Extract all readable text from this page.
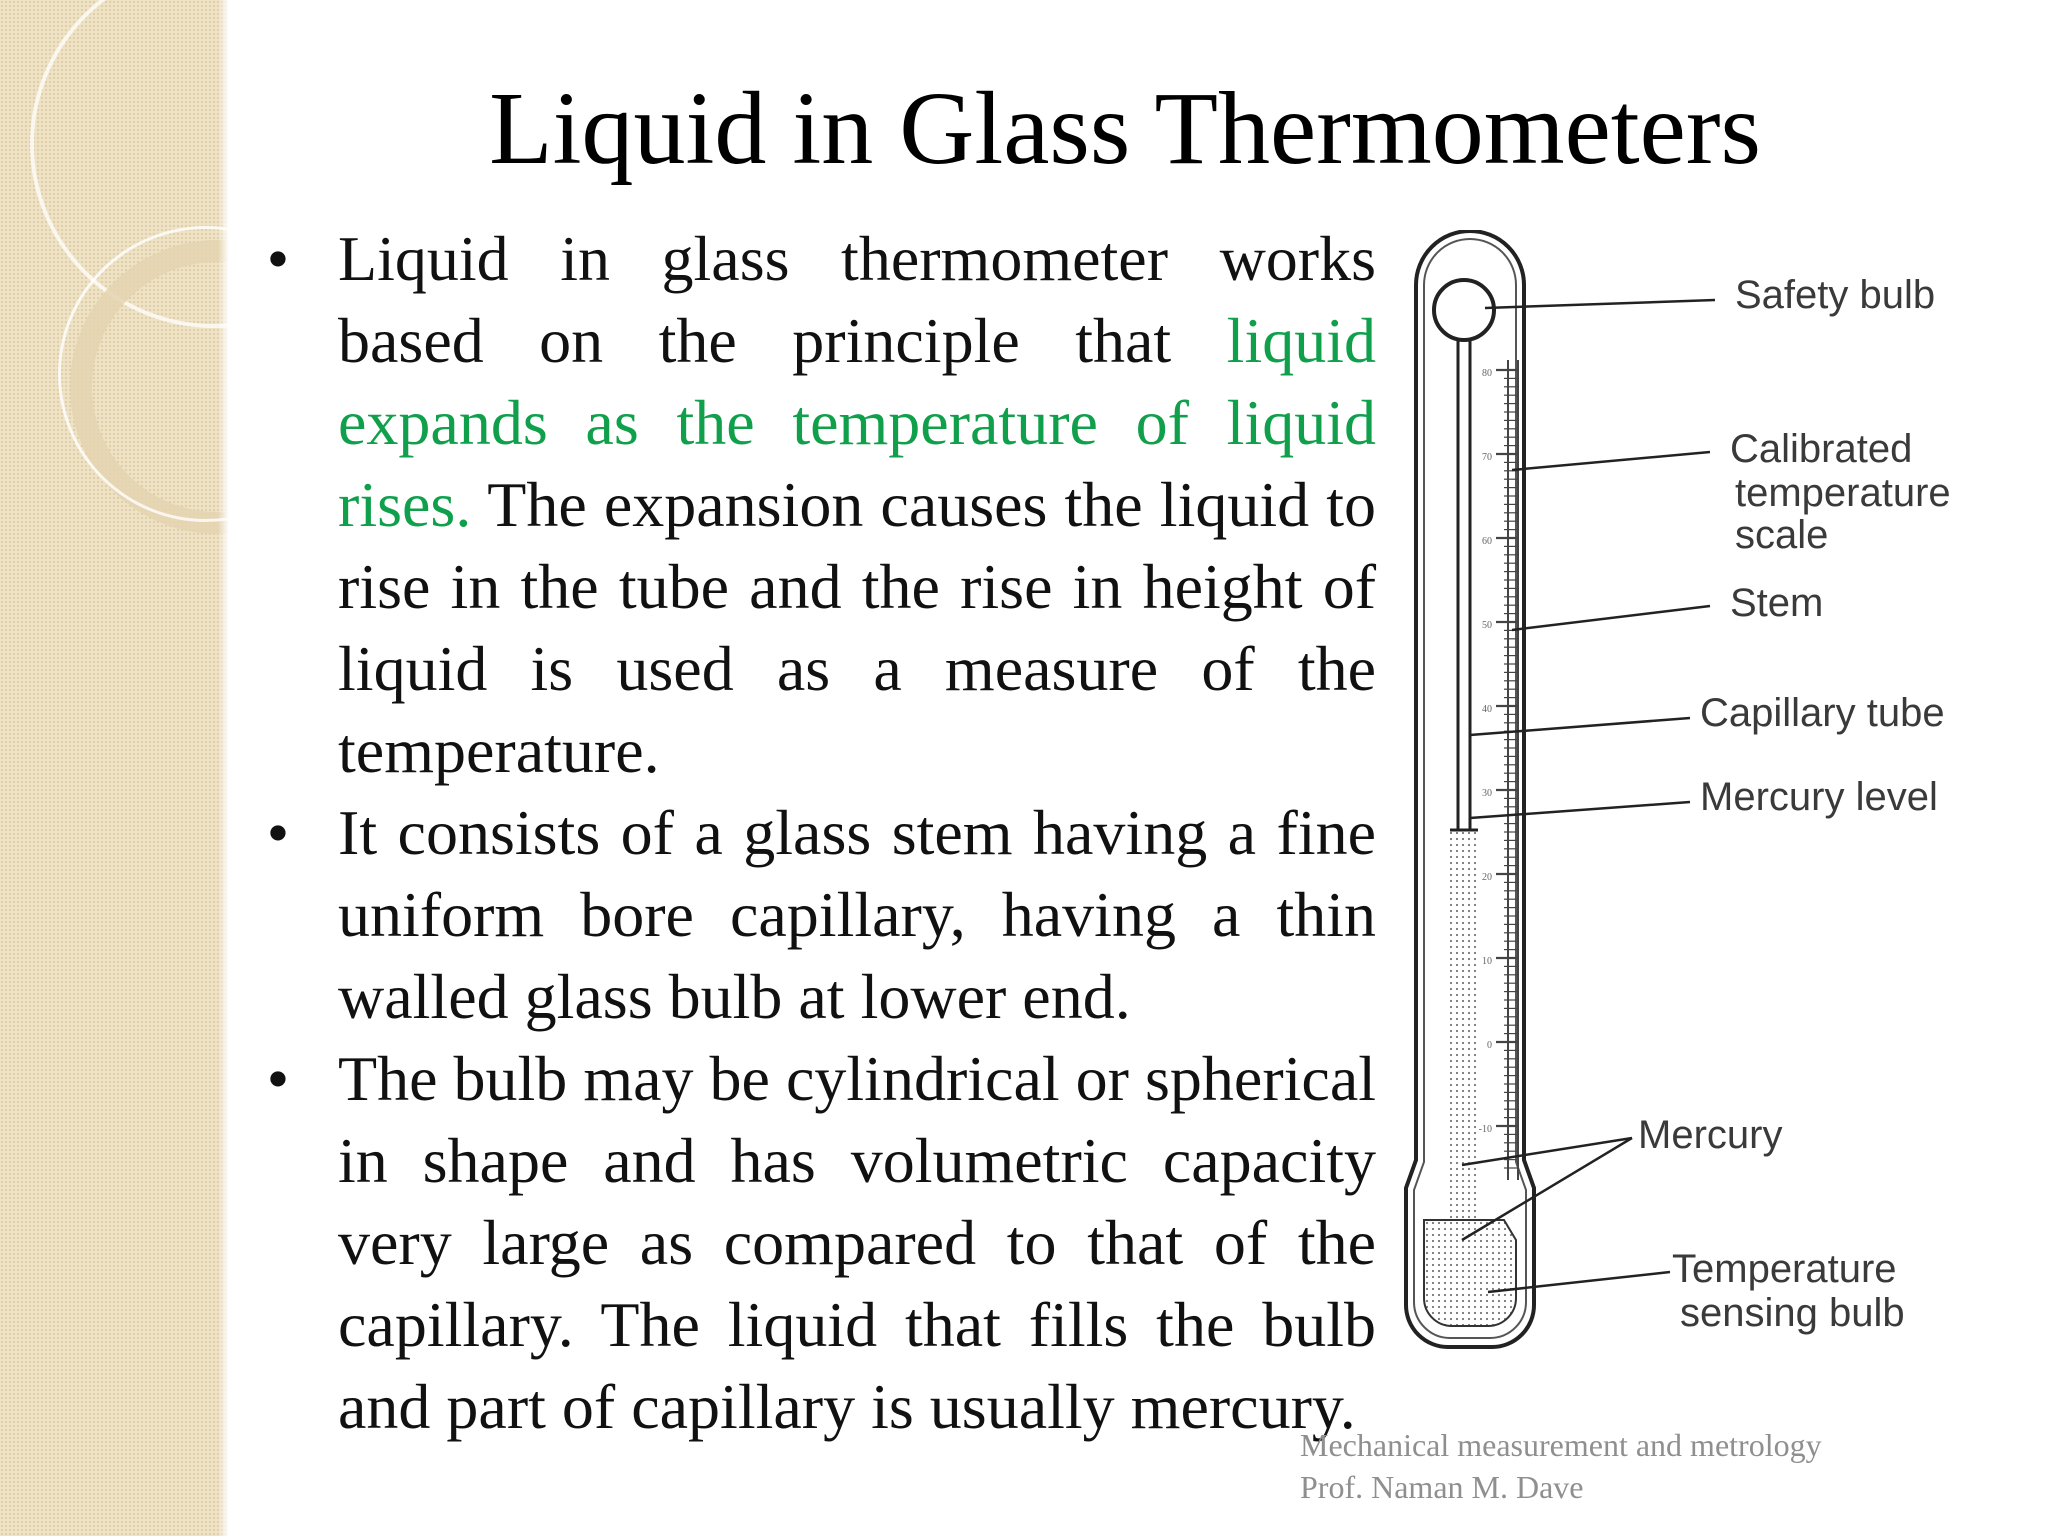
Liquid in Glass Thermometers
• Liquid in glass thermometer works based on the principle that liquid expands as the temperature of liquid rises. The expansion causes the liquid to rise in the tube and the rise in height of liquid is used as a measure of the temperature.
• It consists of a glass stem having a fine uniform bore capillary, having a thin walled glass bulb at lower end.
• The bulb may be cylindrical or spherical in shape and has volumetric capacity very large as compared to that of the capillary. The liquid that fills the bulb and part of capillary is usually mercury.
80
70
60
50
40
30
20
10
0
-10
Safety bulb
Calibrated
temperature
scale
Stem
Capillary tube
Mercury level
Mercury
Temperature
sensing bulb
Mechanical measurement and metrology
Prof. Naman M. Dave
